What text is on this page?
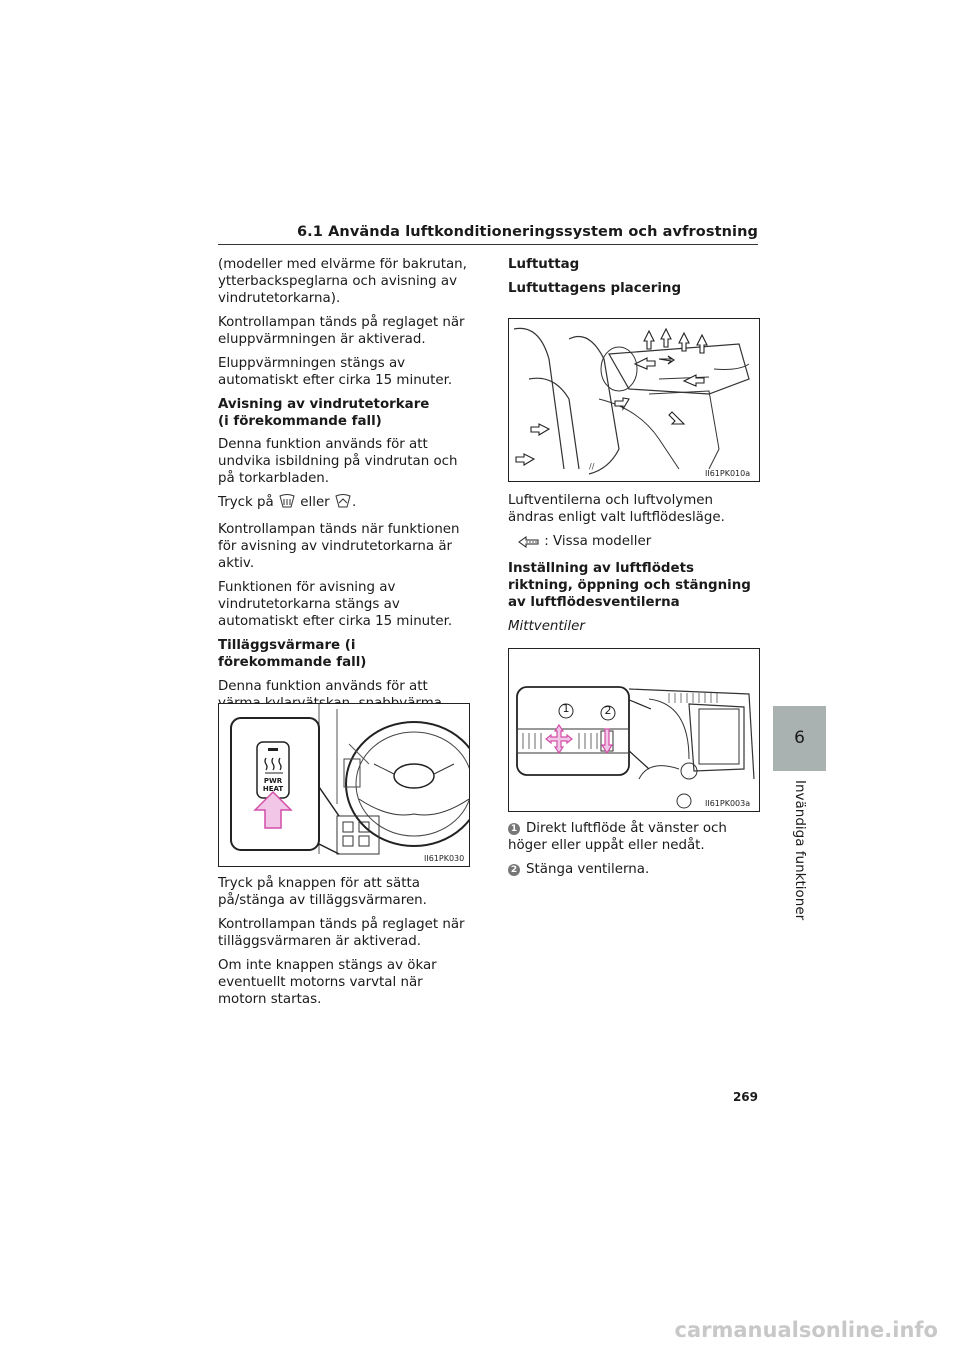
6.1 Använda luftkonditioneringssystem och avfrostning

(modeller med elvärme för bakrutan, ytterbackspeglarna och avisning av vindrutetorkarna).

Kontrollampan tänds på reglaget när eluppvärmningen är aktiverad.

Eluppvärmningen stängs av automatiskt efter cirka 15 minuter.

Avisning av vindrutetorkare
(i förekommande fall)

Denna funktion används för att undvika isbildning på vindrutan och på torkarbladen.

Tryck på eller .

Kontrollampan tänds när funktionen för avisning av vindrutetorkarna är aktiv.

Funktionen för avisning av vindrutetorkarna stängs av automatiskt efter cirka 15 minuter.

Tilläggsvärmare (i förekommande fall)

Denna funktion används för att

PWR
HEAT
II61PK030

Tryck på knappen för att sätta på/stänga av tilläggsvärmaren.

Kontrollampan tänds på reglaget när tilläggsvärmaren är aktiverad.

Om inte knappen stängs av ökar eventuellt motorns varvtal när motorn startas.

Luftuttag

Luftuttagens placering

//
II61PK010a

Luftventilerna och luftvolymen ändras enligt valt luftflödesläge.

: Vissa modeller

Inställning av luftflödets riktning, öppning och stängning av luftflödesventilerna

Mittventiler

1	2
II61PK003a

1 Direkt luftflöde åt vänster och höger eller uppåt eller nedåt.

2 Stänga ventilerna.

6
Invändiga funktioner
269
carmanualsonline.info
